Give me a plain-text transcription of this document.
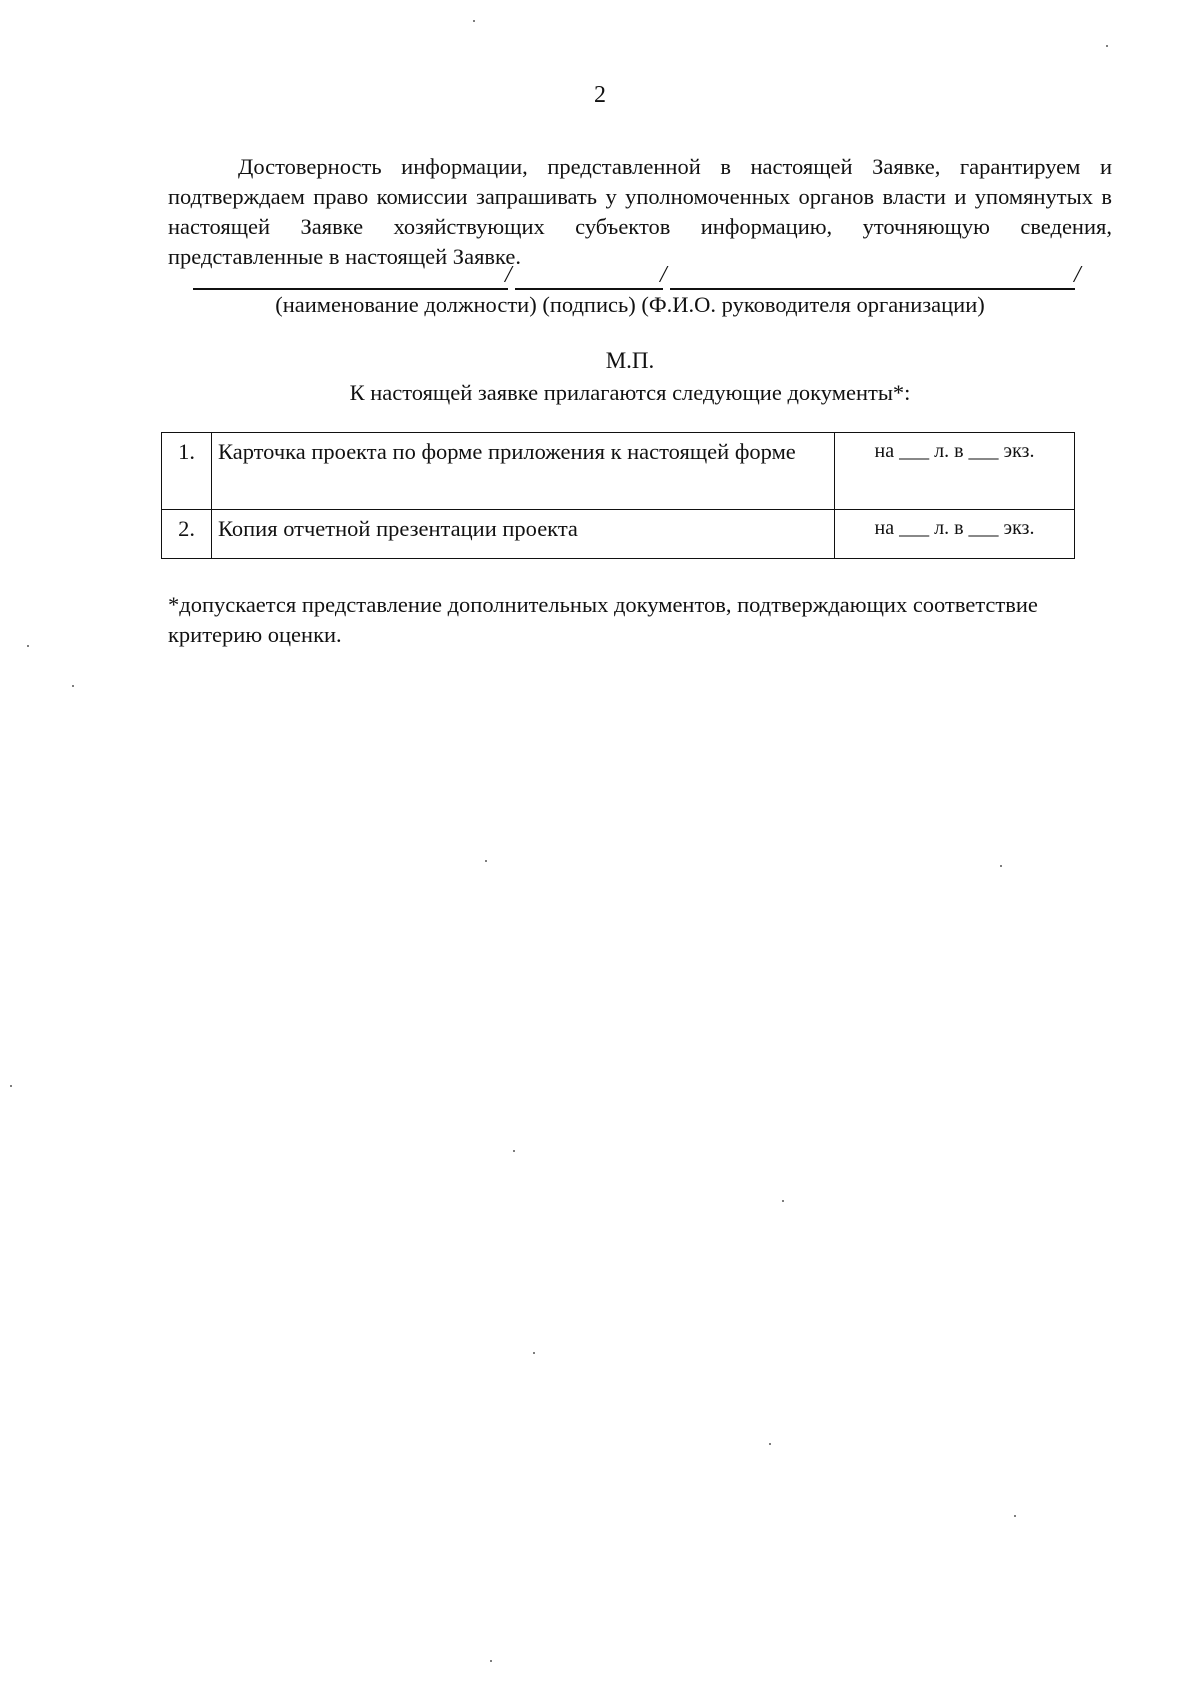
2

Достоверность информации, представленной в настоящей Заявке, гарантируем и подтверждаем право комиссии запрашивать у уполномоченных органов власти и упомянутых в настоящей Заявке хозяйствующих субъектов информацию, уточняющую сведения, представленные в настоящей Заявке.

/	/	/
(наименование должности) (подпись) (Ф.И.О. руководителя организации)
М.П.
К настоящей заявке прилагаются следующие документы*:
1.	Карточка проекта по форме приложения к настоящей форме	на ___ л. в ___ экз.
2.	Копия отчетной презентации проекта	на ___ л. в ___ экз.

*допускается представление дополнительных документов, подтверждающих соответствие критерию оценки.
